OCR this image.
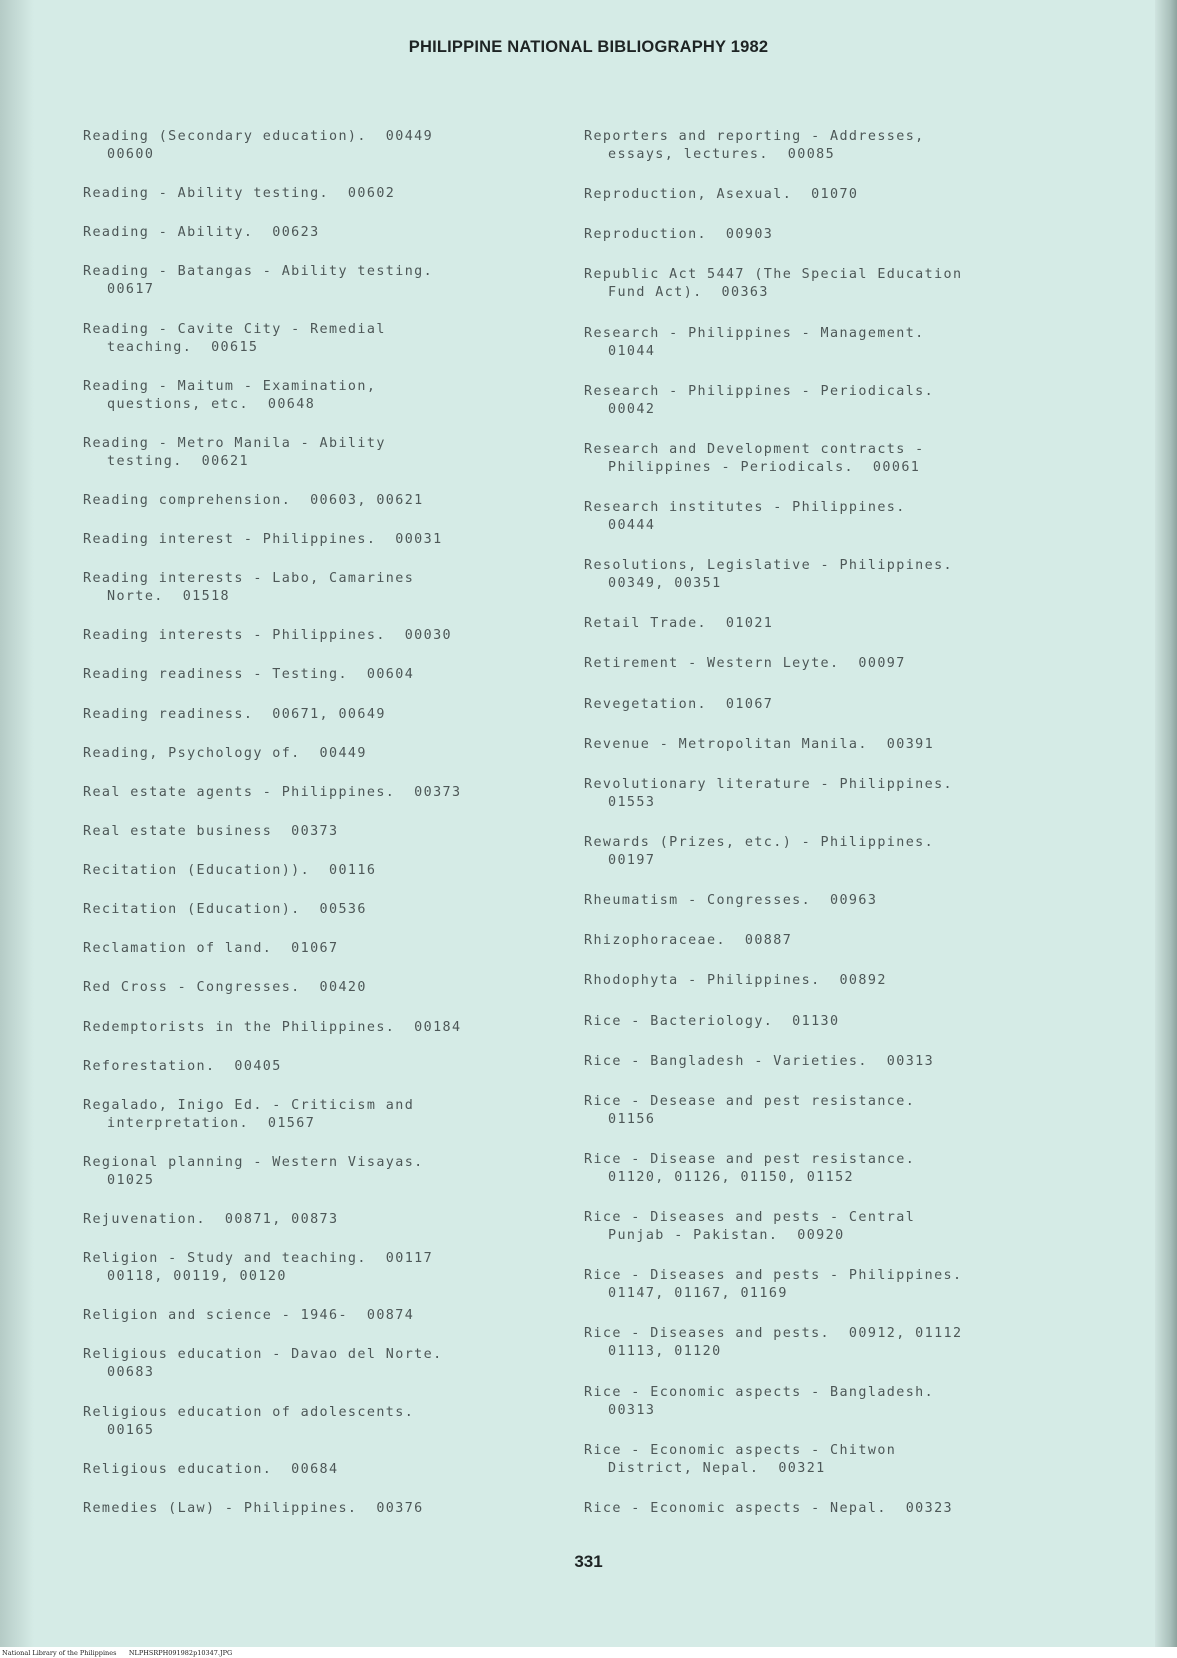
PHILIPPINE NATIONAL BIBLIOGRAPHY 1982
Reading (Secondary education).  00449
00600
Reading - Ability testing.  00602
Reading - Ability.  00623
Reading - Batangas - Ability testing.
00617
Reading - Cavite City - Remedial
teaching.  00615
Reading - Maitum - Examination,
questions, etc.  00648
Reading - Metro Manila - Ability
testing.  00621
Reading comprehension.  00603, 00621
Reading interest - Philippines.  00031
Reading interests - Labo, Camarines
Norte.  01518
Reading interests - Philippines.  00030
Reading readiness - Testing.  00604
Reading readiness.  00671, 00649
Reading, Psychology of.  00449
Real estate agents - Philippines.  00373
Real estate business  00373
Recitation (Education)).  00116
Recitation (Education).  00536
Reclamation of land.  01067
Red Cross - Congresses.  00420
Redemptorists in the Philippines.  00184
Reforestation.  00405
Regalado, Inigo Ed. - Criticism and
interpretation.  01567
Regional planning - Western Visayas.
01025
Rejuvenation.  00871, 00873
Religion - Study and teaching.  00117
00118, 00119, 00120
Religion and science - 1946-  00874
Religious education - Davao del Norte.
00683
Religious education of adolescents.
00165
Religious education.  00684
Remedies (Law) - Philippines.  00376
Reporters and reporting - Addresses,
essays, lectures.  00085
Reproduction, Asexual.  01070
Reproduction.  00903
Republic Act 5447 (The Special Education
Fund Act).  00363
Research - Philippines - Management.
01044
Research - Philippines - Periodicals.
00042
Research and Development contracts -
Philippines - Periodicals.  00061
Research institutes - Philippines.
00444
Resolutions, Legislative - Philippines.
00349, 00351
Retail Trade.  01021
Retirement - Western Leyte.  00097
Revegetation.  01067
Revenue - Metropolitan Manila.  00391
Revolutionary literature - Philippines.
01553
Rewards (Prizes, etc.) - Philippines.
00197
Rheumatism - Congresses.  00963
Rhizophoraceae.  00887
Rhodophyta - Philippines.  00892
Rice - Bacteriology.  01130
Rice - Bangladesh - Varieties.  00313
Rice - Desease and pest resistance.
01156
Rice - Disease and pest resistance.
01120, 01126, 01150, 01152
Rice - Diseases and pests - Central
Punjab - Pakistan.  00920
Rice - Diseases and pests - Philippines.
01147, 01167, 01169
Rice - Diseases and pests.  00912, 01112
01113, 01120
Rice - Economic aspects - Bangladesh.
00313
Rice - Economic aspects - Chitwon
District, Nepal.  00321
Rice - Economic aspects - Nepal.  00323
331
National Library of the Philippines      NLPHSRPH091982p10347.JPG
